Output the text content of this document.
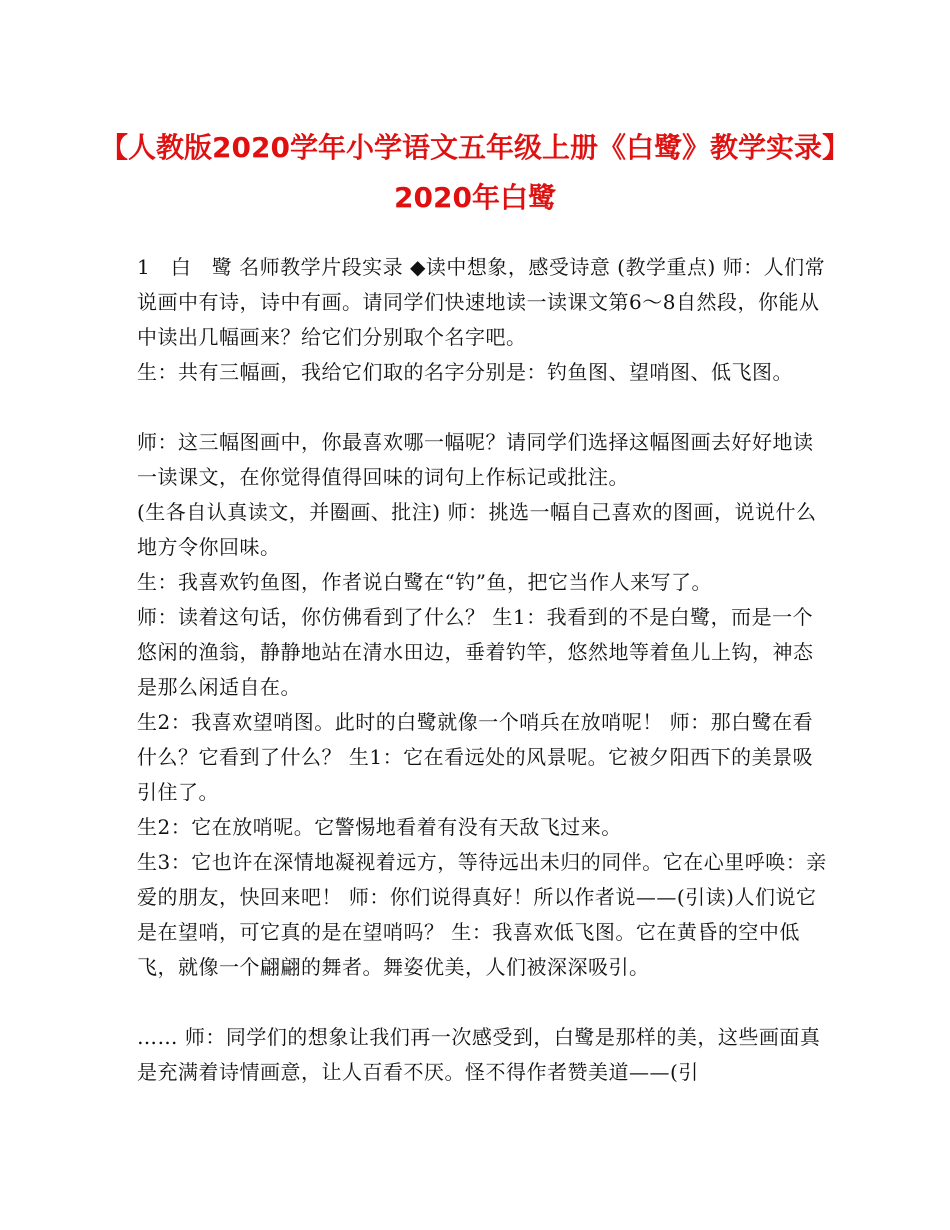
【人教版2020学年小学语文五年级上册《白鹭》教学实录】 2020年白鹭

1　白　鹭 名师教学片段实录 ◆读中想象，感受诗意 (教学重点) 师：人们常说画中有诗，诗中有画。请同学们快速地读一读课文第6～8自然段，你能从中读出几幅画来？给它们分别取个名字吧。

生：共有三幅画，我给它们取的名字分别是：钓鱼图、望哨图、低飞图。

师：这三幅图画中，你最喜欢哪一幅呢？请同学们选择这幅图画去好好地读一读课文，在你觉得值得回味的词句上作标记或批注。

(生各自认真读文，并圈画、批注) 师：挑选一幅自己喜欢的图画，说说什么地方令你回味。

生：我喜欢钓鱼图，作者说白鹭在“钓”鱼，把它当作人来写了。

师：读着这句话，你仿佛看到了什么？ 生1：我看到的不是白鹭，而是一个悠闲的渔翁，静静地站在清水田边，垂着钓竿，悠然地等着鱼儿上钩，神态是那么闲适自在。

生2：我喜欢望哨图。此时的白鹭就像一个哨兵在放哨呢！ 师：那白鹭在看什么？它看到了什么？ 生1：它在看远处的风景呢。它被夕阳西下的美景吸引住了。

生2：它在放哨呢。它警惕地看着有没有天敌飞过来。

生3：它也许在深情地凝视着远方，等待远出未归的同伴。它在心里呼唤：亲爱的朋友，快回来吧！ 师：你们说得真好！所以作者说——(引读)人们说它是在望哨，可它真的是在望哨吗？ 生：我喜欢低飞图。它在黄昏的空中低飞，就像一个翩翩的舞者。舞姿优美，人们被深深吸引。

…… 师：同学们的想象让我们再一次感受到，白鹭是那样的美，这些画面真是充满着诗情画意，让人百看不厌。怪不得作者赞美道——(引
